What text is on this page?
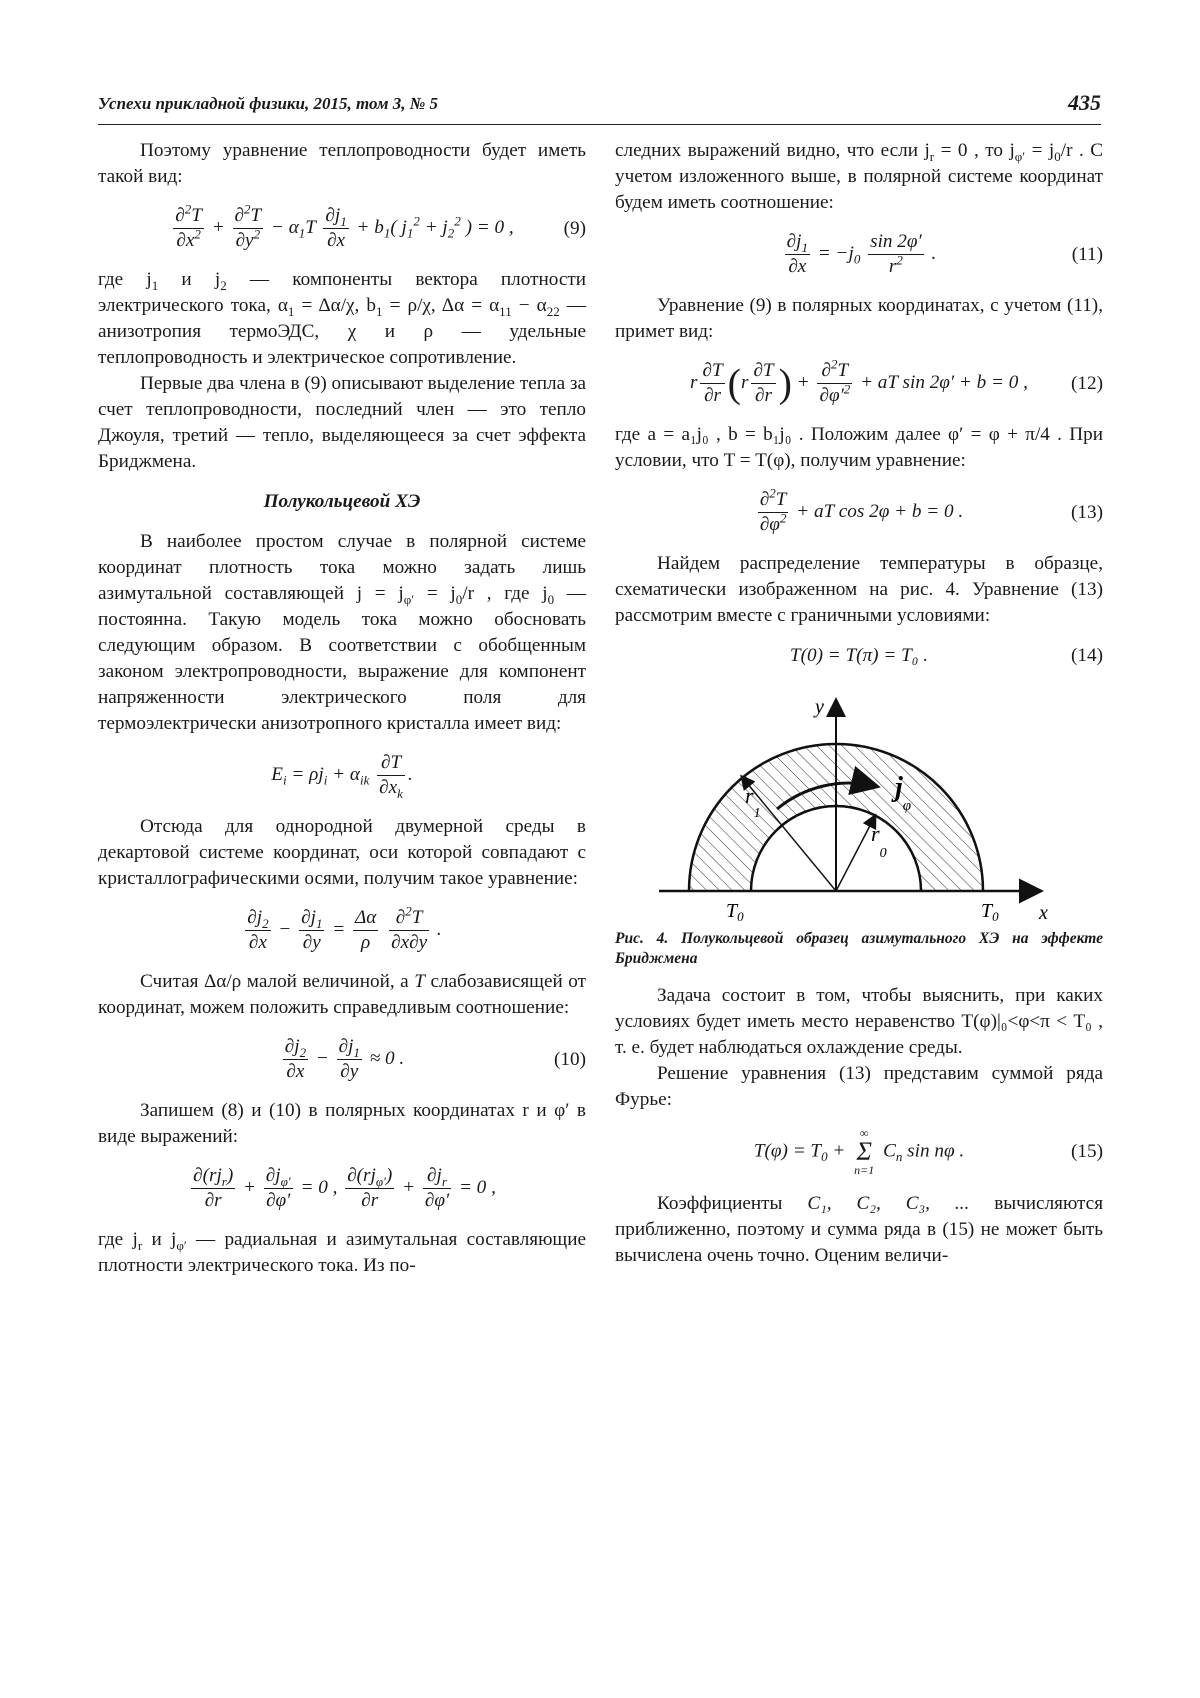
Успехи прикладной физики, 2015, том 3, № 5	435

Поэтому уравнение теплопроводности будет иметь такой вид:

$\frac{\partial^2T}{\partial x^2} + \frac{\partial^2T}{\partial y^2} - \alpha_1T \frac{\partial j_1}{\partial x} + b_1$( $j_1^2 + j_2^2$ ) = 0 ,	(9)

где $j_1$ и $j_2$ — компоненты вектора плотности электрического тока, $\alpha_1 = \Delta\alpha/\chi$, $b_1 = \rho/\chi$, $\Delta\alpha = \alpha_{11} - \alpha_{22}$ — анизотропия термоЭДС, χ и ρ — удельные теплопроводность и электрическое сопротивление.

Первые два члена в (9) описывают выделение тепла за счет теплопроводности, последний член — это тепло Джоуля, третий — тепло, выделяющееся за счет эффекта Бриджмена.

Полукольцевой ХЭ

В наиболее простом случае в полярной системе координат плотность тока можно задать лишь азимутальной составляющей $j = j_{\varphi'} = j_0/r$ , где $j_0$ — постоянна. Такую модель тока можно обосновать следующим образом. В соответствии с обобщенным законом электропроводности, выражение для компонент напряженности электрического поля для термоэлектрически анизотропного кристалла имеет вид:

$E_i = \rho j_i + \alpha_{ik} \frac{\partial T}{\partial x_k}$ .

Отсюда для однородной двумерной среды в декартовой системе координат, оси которой совпадают с кристаллографическими осями, получим такое уравнение:

$\frac{\partial j_2}{\partial x} - \frac{\partial j_1}{\partial y} = \frac{\Delta\alpha}{\rho}$
$\frac{\partial^2T}{\partial x\partial y}$ .

Считая Δα/ρ малой величиной, а T слабозависящей от координат, можем положить справедливым соотношение:

$\frac{\partial j_2}{\partial x} - \frac{\partial j_1}{\partial y} \approx 0$ .	(10)

Запишем (8) и (10) в полярных координатах r и φ′ в виде выражений:

$\frac{\partial(rj_r)}{\partial r} + \frac{\partial j_{\varphi'}}{\partial\varphi'} = 0$ , $\frac{\partial(rj_{\varphi'})}{\partial r} + \frac{\partial j_r}{\partial\varphi'} = 0$ ,

где $j_r$ и $j_{\varphi'}$ — радиальная и азимутальная составляющие плотности электрического тока. Из по-

следних выражений видно, что если $j_r = 0$ , то $j_{\varphi'} = j_0/r$ . С учетом изложенного выше, в полярной системе координат будем иметь соотношение:

$\frac{\partial j_1}{\partial x} = -j_0 \frac{\sin 2\varphi'}{r^2}$ .	(11)

Уравнение (9) в полярных координатах, с учетом (11), примет вид:

r $\frac{\partial T}{\partial r} (r \frac{\partial T}{\partial r}$ ) + $\frac{\partial^2T}{\partial\varphi'^2}$ + aT sin 2φ′ + b = 0 , (12)

где a = a₁j₀ , b = b₁j₀ . Положим далее φ′ = φ + π/4 . При условии, что T = T(φ), получим уравнение:

$\frac{\partial^2T}{\partial\varphi^2}$ + aT cos 2φ + b = 0 .	(13)

Найдем распределение температуры в образце, схематически изображенном на рис. 4. Уравнение (13) рассмотрим вместе с граничными условиями:

T(0) = T(π) = T₀ .	(14)
y
x
$T_0$	$T_0$
$r_1$
$r_0$
$j_\varphi$
Рис. 4. Полукольцевой образец азимутального ХЭ на эффекте Бриджмена

Задача состоит в том, чтобы выяснить, при каких условиях будет иметь место неравенство T(φ)|₀<φ<π < T₀ , т. е. будет наблюдаться охлаждение среды.

Решение уравнения (13) представим суммой ряда Фурье:

$T(\varphi) = T_0$ +
∞
Σ
n=1
$C_n$ sin nφ .	(15)

Коэффициенты C₁, C₂, C₃, ... вычисляются приближенно, поэтому и сумма ряда в (15) не может быть вычислена очень точно. Оценим величи-
